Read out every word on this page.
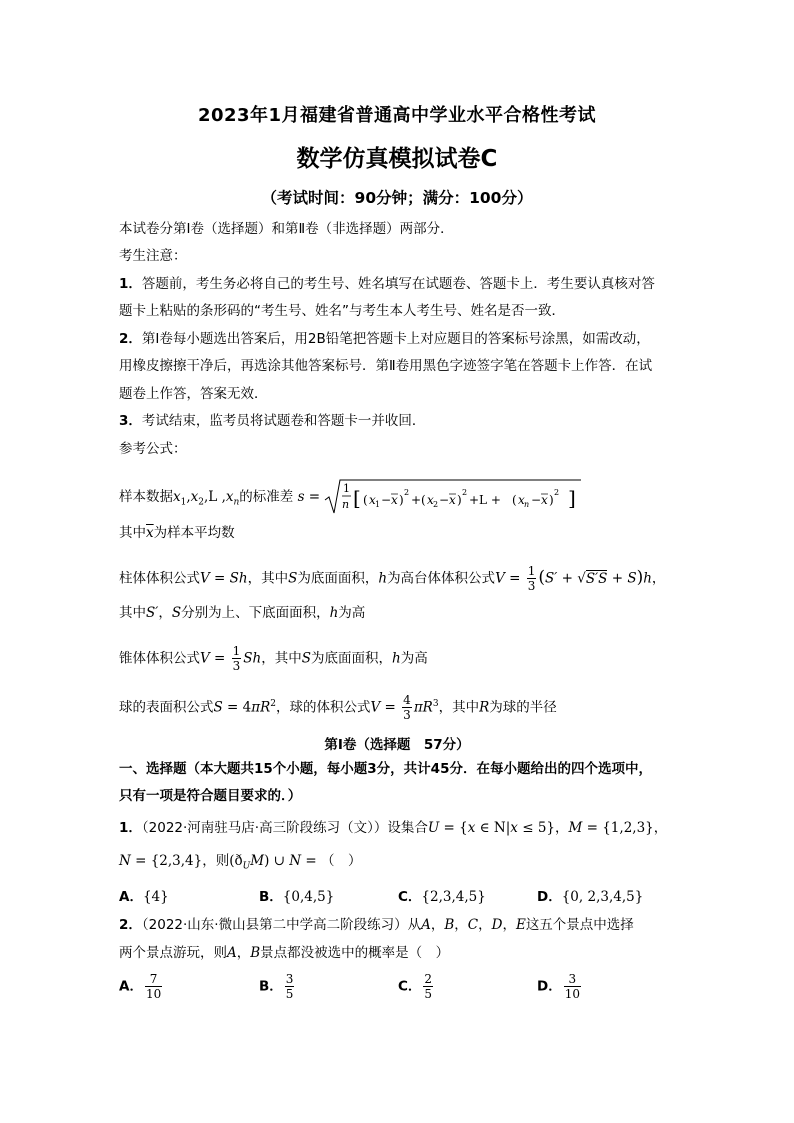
2023年1月福建省普通高中学业水平合格性考试
数学仿真模拟试卷C
（考试时间：90分钟；满分：100分）
本试卷分第Ⅰ卷（选择题）和第Ⅱ卷（非选择题）两部分．
考生注意：
1．答题前，考生务必将自己的考生号、姓名填写在试题卷、答题卡上．考生要认真核对答
题卡上粘贴的条形码的“考生号、姓名”与考生本人考生号、姓名是否一致．
2．第Ⅰ卷每小题选出答案后，用2B铅笔把答题卡上对应题目的答案标号涂黑，如需改动，
用橡皮擦擦干净后，再选涂其他答案标号．第Ⅱ卷用黑色字迹签字笔在答题卡上作答．在试
题卷上作答，答案无效．
3．考试结束，监考员将试题卷和答题卡一并收回．
参考公式：
样本数据$x_1,x_2,L$ $,x_n$的标准差 s =
1
n [ ( x 1 − x )
2
+ ( x 2 − x )
2
+L + ( x n − x )
2 ]
其中$\overline{x}$为样本平均数
柱体体积公式V = Sh，其中S为底面面积，h为高台体体积公式$V = \frac{1}{3} (S' + √S'S + S)h$，
其中S′，S分别为上、下底面面积，h为高
锥体体积公式$V = \frac{1}{3}$ Sh，其中S为底面面积，h为高
球的表面积公式$S = 4\pi R^2$，球的体积公式$V = \frac{4}{3} \pi R^3$，其中R为球的半径
第Ⅰ卷（选择题　57分）
一、选择题（本大题共15个小题，每小题3分，共计45分．在每小题给出的四个选项中，
只有一项是符合题目要求的．）
1．（2022·河南驻马店·高三阶段练习（文））设集合U = {x ∈ N|x ≤ 5}，M = {1,2,3}，
N = {2,3,4}，则$(ð_UM)$ ∪ N = （　）
A．{4}	B．{0,4,5}	C．{2,3,4,5}	D．{0, 2,3,4,5}
2．（2022·山东·微山县第二中学高二阶段练习）从A，B，C，D，E这五个景点中选择
两个景点游玩，则A，B景点都没被选中的概率是（　）
A． $\frac{7}{10}$	B． $\frac{3}{5}$	C． $\frac{2}{5}$	D． $\frac{3}{10}$
